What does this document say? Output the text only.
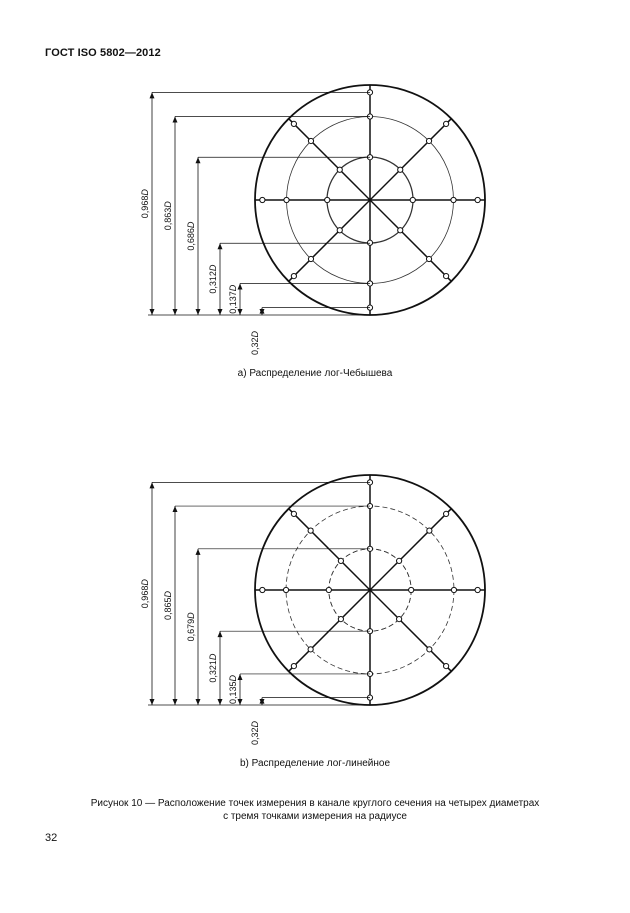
ГОСТ ISO 5802—2012
0,968D
0,863D
0,686D
0,312D
0,137D
0,32D
а) Распределение лог-Чебышева
0,968D
0,865D
0,679D
0,321D
0,135D
0,32D
b) Распределение лог-линейное
Рисунок 10 — Расположение точек измерения в канале круглого сечения на четырех диаметрах
с тремя точками измерения на радиусе
32
